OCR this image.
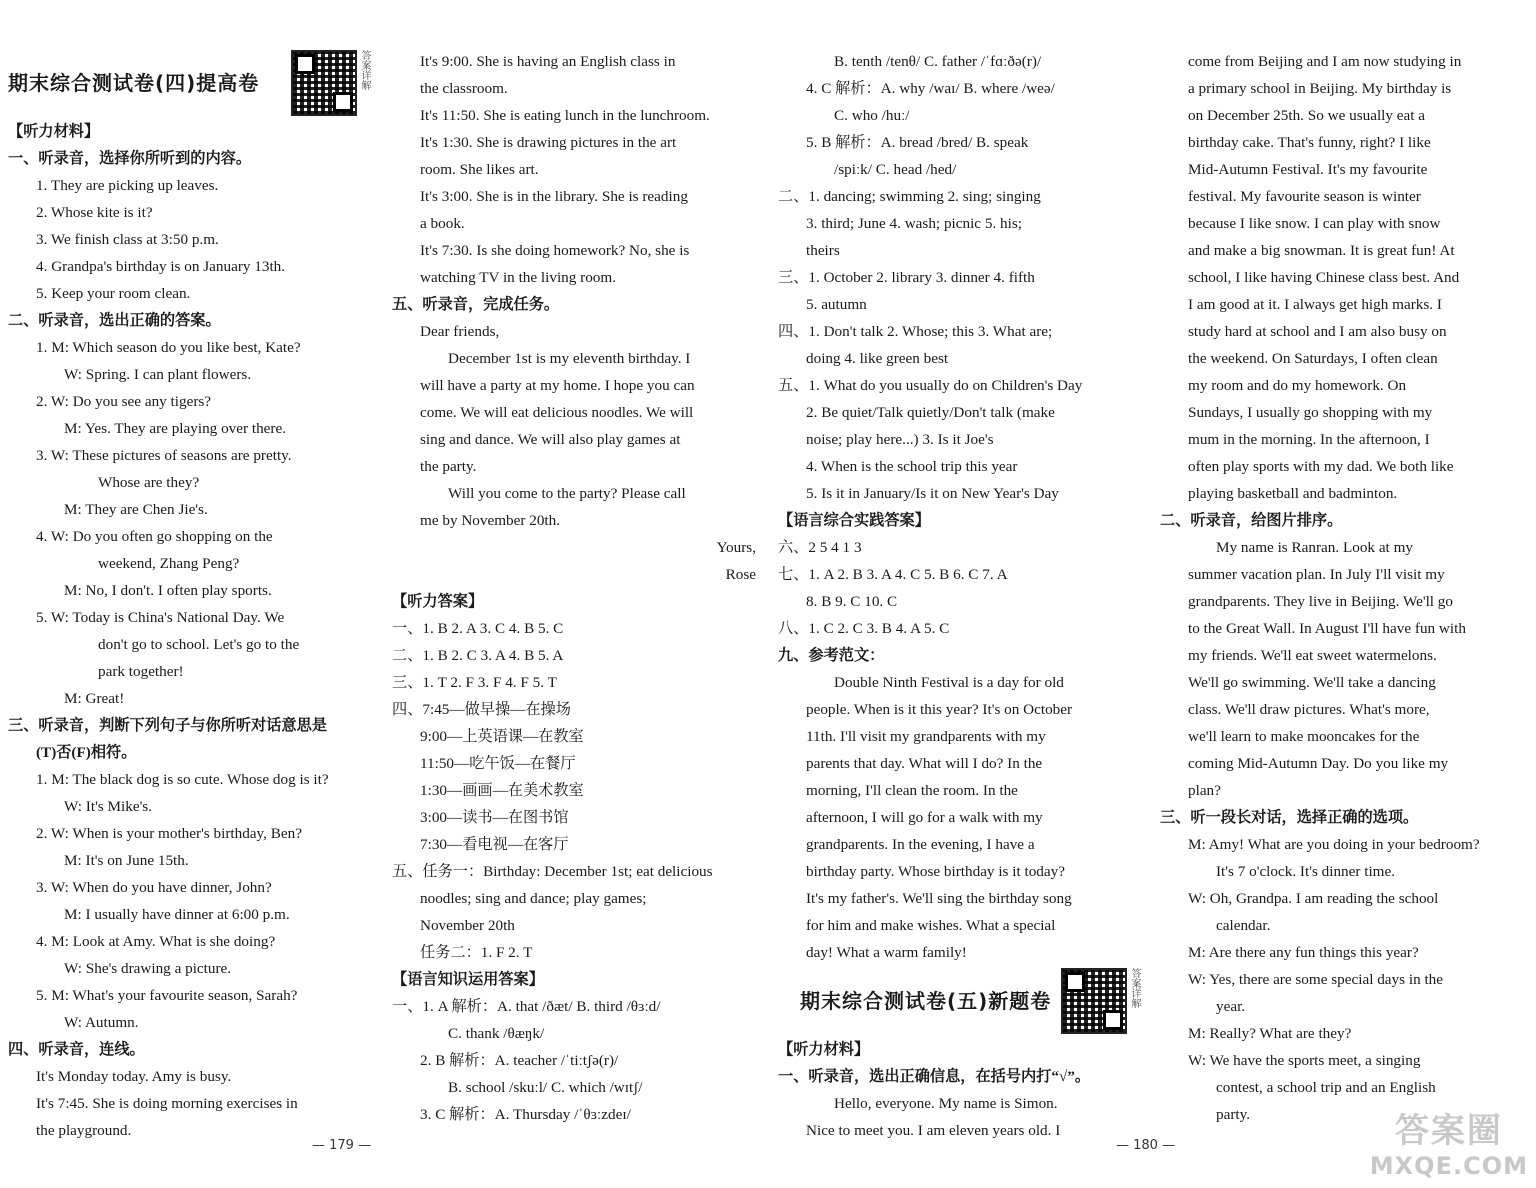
期末综合测试卷(四)提高卷	答案详解
【听力材料】
一、听录音，选择你所听到的内容。
1. They are picking up leaves.
2. Whose kite is it?
3. We finish class at 3:50 p.m.
4. Grandpa's birthday is on January 13th.
5. Keep your room clean.
二、听录音，选出正确的答案。
1. M: Which season do you like best, Kate?
W: Spring. I can plant flowers.
2. W: Do you see any tigers?
M: Yes. They are playing over there.
3. W: These pictures of seasons are pretty.
Whose are they?
M: They are Chen Jie's.
4. W: Do you often go shopping on the
weekend, Zhang Peng?
M: No, I don't. I often play sports.
5. W: Today is China's National Day. We
don't go to school. Let's go to the
park together!
M: Great!
三、听录音，判断下列句子与你所听对话意思是
(T)否(F)相符。
1. M: The black dog is so cute. Whose dog is it?
W: It's Mike's.
2. W: When is your mother's birthday, Ben?
M: It's on June 15th.
3. W: When do you have dinner, John?
M: I usually have dinner at 6:00 p.m.
4. M: Look at Amy. What is she doing?
W: She's drawing a picture.
5. M: What's your favourite season, Sarah?
W: Autumn.
四、听录音，连线。
It's Monday today. Amy is busy.
It's 7:45. She is doing morning exercises in
the playground.
It's 9:00. She is having an English class in
the classroom.
It's 11:50. She is eating lunch in the lunchroom.
It's 1:30. She is drawing pictures in the art
room. She likes art.
It's 3:00. She is in the library. She is reading
a book.
It's 7:30. Is she doing homework? No, she is
watching TV in the living room.
五、听录音，完成任务。
Dear friends,
December 1st is my eleventh birthday. I
will have a party at my home. I hope you can
come. We will eat delicious noodles. We will
sing and dance. We will also play games at
the party.
Will you come to the party? Please call
me by November 20th.
Yours,
Rose
【听力答案】
一、1. B 2. A 3. C 4. B 5. C
二、1. B 2. C 3. A 4. B 5. A
三、1. T 2. F 3. F 4. F 5. T
四、7:45—做早操—在操场
9:00—上英语课—在教室
11:50—吃午饭—在餐厅
1:30—画画—在美术教室
3:00—读书—在图书馆
7:30—看电视—在客厅
五、任务一：Birthday: December 1st; eat delicious
noodles; sing and dance; play games;
November 20th
任务二：1. F 2. T
【语言知识运用答案】
一、1. A 解析：A. that /ðæt/ B. third /θɜːd/
C. thank /θæŋk/
2. B 解析：A. teacher /ˈtiːtʃə(r)/
B. school /skuːl/ C. which /wɪtʃ/
3. C 解析：A. Thursday /ˈθɜːzdeɪ/
B. tenth /tenθ/ C. father /ˈfɑːðə(r)/
4. C 解析：A. why /waɪ/ B. where /weə/
C. who /huː/
5. B 解析：A. bread /bred/ B. speak
/spiːk/ C. head /hed/
二、1. dancing; swimming 2. sing; singing
3. third; June 4. wash; picnic 5. his;
theirs
三、1. October 2. library 3. dinner 4. fifth
5. autumn
四、1. Don't talk 2. Whose; this 3. What are;
doing 4. like green best
五、1. What do you usually do on Children's Day
2. Be quiet/Talk quietly/Don't talk (make
noise; play here...) 3. Is it Joe's
4. When is the school trip this year
5. Is it in January/Is it on New Year's Day
【语言综合实践答案】
六、2 5 4 1 3
七、1. A 2. B 3. A 4. C 5. B 6. C 7. A
8. B 9. C 10. C
八、1. C 2. C 3. B 4. A 5. C
九、参考范文：
Double Ninth Festival is a day for old
people. When is it this year? It's on October
11th. I'll visit my grandparents with my
parents that day. What will I do? In the
morning, I'll clean the room. In the
afternoon, I will go for a walk with my
grandparents. In the evening, I have a
birthday party. Whose birthday is it today?
It's my father's. We'll sing the birthday song
for him and make wishes. What a special
day! What a warm family!
期末综合测试卷(五)新题卷	答案详解
【听力材料】
一、听录音，选出正确信息，在括号内打“√”。
Hello, everyone. My name is Simon.
Nice to meet you. I am eleven years old. I
come from Beijing and I am now studying in
a primary school in Beijing. My birthday is
on December 25th. So we usually eat a
birthday cake. That's funny, right? I like
Mid-Autumn Festival. It's my favourite
festival. My favourite season is winter
because I like snow. I can play with snow
and make a big snowman. It is great fun! At
school, I like having Chinese class best. And
I am good at it. I always get high marks. I
study hard at school and I am also busy on
the weekend. On Saturdays, I often clean
my room and do my homework. On
Sundays, I usually go shopping with my
mum in the morning. In the afternoon, I
often play sports with my dad. We both like
playing basketball and badminton.
二、听录音，给图片排序。
My name is Ranran. Look at my
summer vacation plan. In July I'll visit my
grandparents. They live in Beijing. We'll go
to the Great Wall. In August I'll have fun with
my friends. We'll eat sweet watermelons.
We'll go swimming. We'll take a dancing
class. We'll draw pictures. What's more,
we'll learn to make mooncakes for the
coming Mid-Autumn Day. Do you like my
plan?
三、听一段长对话，选择正确的选项。
M: Amy! What are you doing in your bedroom?
It's 7 o'clock. It's dinner time.
W: Oh, Grandpa. I am reading the school
calendar.
M: Are there any fun things this year?
W: Yes, there are some special days in the
year.
M: Really? What are they?
W: We have the sports meet, a singing
contest, a school trip and an English
party.
— 179 —	— 180 —	答案圈
MXQE.COM
